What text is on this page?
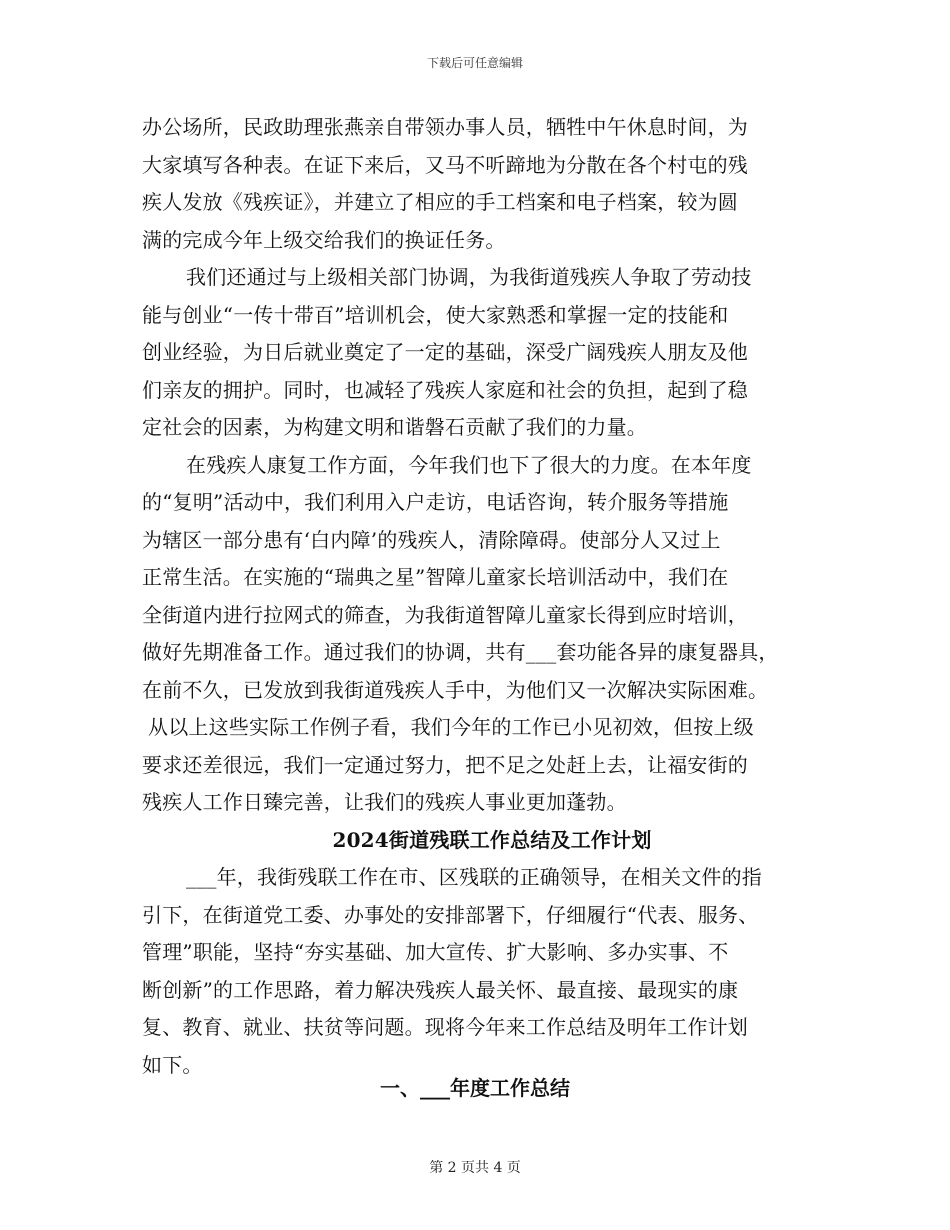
下载后可任意编辑
办公场所，民政助理张燕亲自带领办事人员，牺牲中午休息时间，为
大家填写各种表。在证下来后，又马不听蹄地为分散在各个村屯的残
疾人发放《残疾证》，并建立了相应的手工档案和电子档案，较为圆
满的完成今年上级交给我们的换证任务。
我们还通过与上级相关部门协调，为我街道残疾人争取了劳动技
能与创业“一传十带百”培训机会，使大家熟悉和掌握一定的技能和
创业经验，为日后就业奠定了一定的基础，深受广阔残疾人朋友及他
们亲友的拥护。同时，也减轻了残疾人家庭和社会的负担，起到了稳
定社会的因素，为构建文明和谐磐石贡献了我们的力量。
在残疾人康复工作方面，今年我们也下了很大的力度。在本年度
的“复明”活动中，我们利用入户走访，电话咨询，转介服务等措施
为辖区一部分患有‘白内障’的残疾人，清除障碍。使部分人又过上
正常生活。在实施的“瑞典之星”智障儿童家长培训活动中，我们在
全街道内进行拉网式的筛查，为我街道智障儿童家长得到应时培训，
做好先期准备工作。通过我们的协调，共有___套功能各异的康复器具，
在前不久，已发放到我街道残疾人手中，为他们又一次解决实际困难。
从以上这些实际工作例子看，我们今年的工作已小见初效，但按上级
要求还差很远，我们一定通过努力，把不足之处赶上去，让福安街的
残疾人工作日臻完善，让我们的残疾人事业更加蓬勃。
2024街道残联工作总结及工作计划
___年，我街残联工作在市、区残联的正确领导，在相关文件的指
引下，在街道党工委、办事处的安排部署下，仔细履行“代表、服务、
管理”职能，坚持“夯实基础、加大宣传、扩大影响、多办实事、不
断创新”的工作思路，着力解决残疾人最关怀、最直接、最现实的康
复、教育、就业、扶贫等问题。现将今年来工作总结及明年工作计划
如下。
一、___年度工作总结
第 2 页共 4 页
